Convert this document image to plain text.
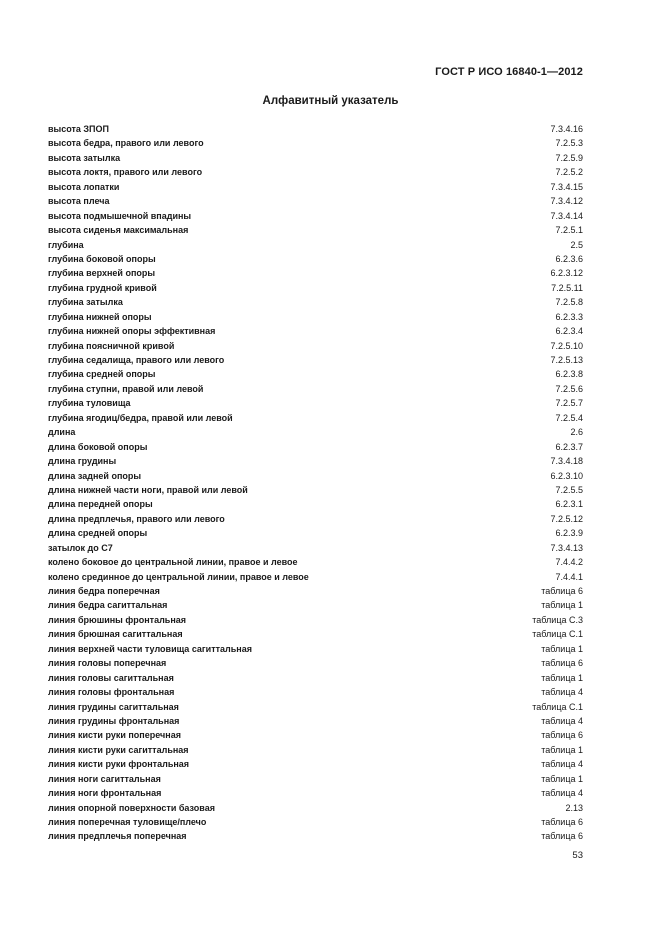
ГОСТ Р ИСО 16840-1—2012
Алфавитный указатель
высота ЗПОП	7.3.4.16
высота бедра, правого или левого	7.2.5.3
высота затылка	7.2.5.9
высота локтя, правого или левого	7.2.5.2
высота лопатки	7.3.4.15
высота плеча	7.3.4.12
высота подмышечной впадины	7.3.4.14
высота сиденья максимальная	7.2.5.1
глубина	2.5
глубина боковой опоры	6.2.3.6
глубина верхней опоры	6.2.3.12
глубина грудной кривой	7.2.5.11
глубина затылка	7.2.5.8
глубина нижней опоры	6.2.3.3
глубина нижней опоры эффективная	6.2.3.4
глубина поясничной кривой	7.2.5.10
глубина седалища, правого или левого	7.2.5.13
глубина средней опоры	6.2.3.8
глубина ступни, правой или левой	7.2.5.6
глубина туловища	7.2.5.7
глубина ягодиц/бедра, правой или левой	7.2.5.4
длина	2.6
длина боковой опоры	6.2.3.7
длина грудины	7.3.4.18
длина задней опоры	6.2.3.10
длина нижней части ноги, правой или левой	7.2.5.5
длина передней опоры	6.2.3.1
длина предплечья, правого или левого	7.2.5.12
длина средней опоры	6.2.3.9
затылок до C7	7.3.4.13
колено боковое до центральной линии, правое и левое	7.4.4.2
колено срединное до центральной линии, правое и левое	7.4.4.1
линия бедра поперечная	таблица 6
линия бедра сагиттальная	таблица 1
линия брюшины фронтальная	таблица С.3
линия брюшная сагиттальная	таблица С.1
линия верхней части туловища сагиттальная	таблица 1
линия головы поперечная	таблица 6
линия головы сагиттальная	таблица 1
линия головы фронтальная	таблица 4
линия грудины сагиттальная	таблица С.1
линия грудины фронтальная	таблица 4
линия кисти руки поперечная	таблица 6
линия кисти руки сагиттальная	таблица 1
линия кисти руки фронтальная	таблица 4
линия ноги сагиттальная	таблица 1
линия ноги фронтальная	таблица 4
линия опорной поверхности базовая	2.13
линия поперечная туловище/плечо	таблица 6
линия предплечья поперечная	таблица 6
53
